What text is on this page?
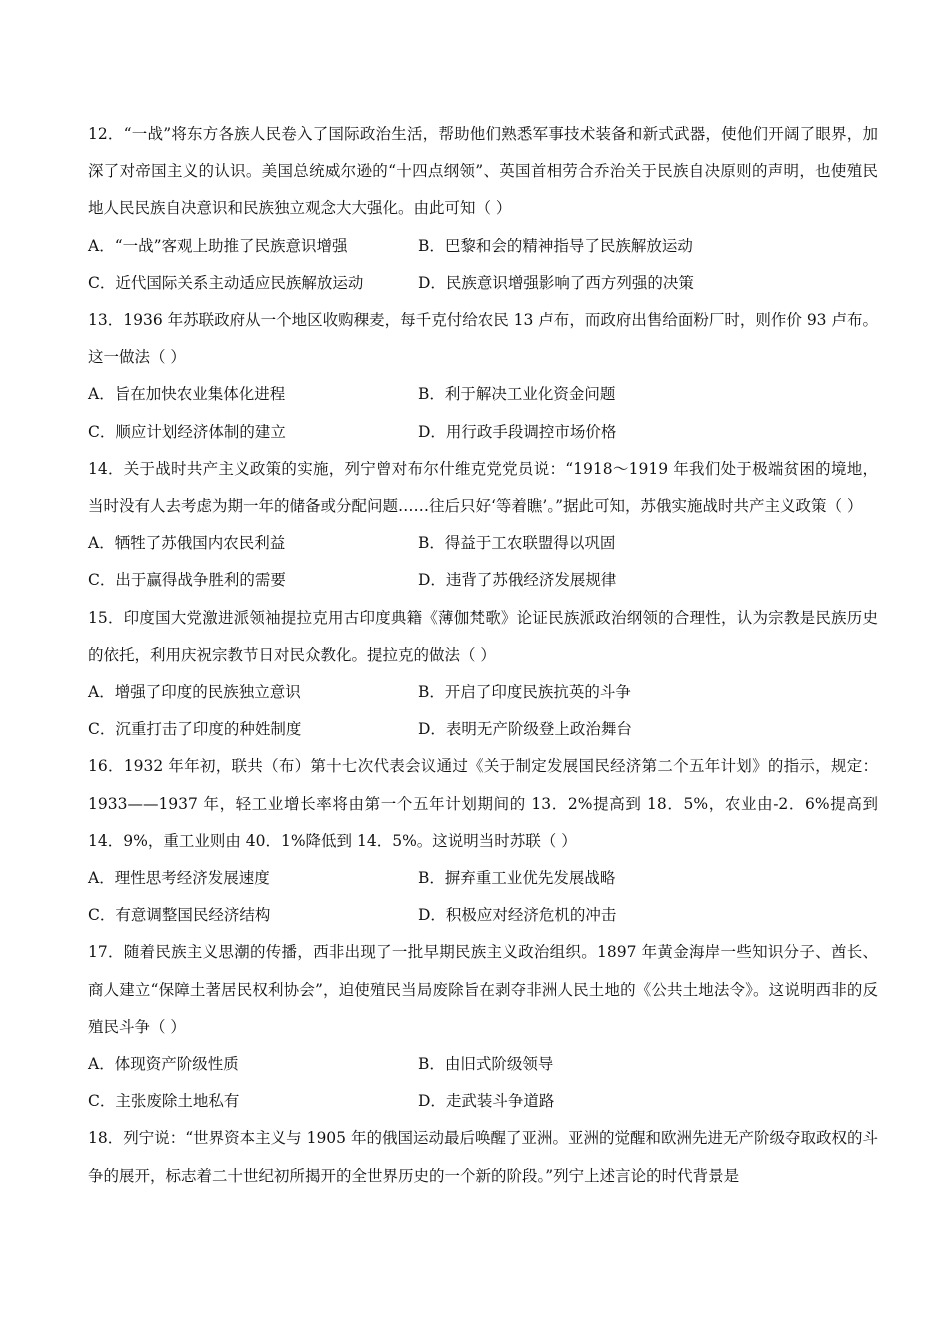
12．“一战”将东方各族人民卷入了国际政治生活，帮助他们熟悉军事技术装备和新式武器，使他们开阔了眼界，加深了对帝国主义的认识。美国总统威尔逊的“十四点纲领”、英国首相劳合乔治关于民族自决原则的声明，也使殖民地人民民族自决意识和民族独立观念大大强化。由此可知（ ）

A．“一战”客观上助推了民族意识增强	B．巴黎和会的精神指导了民族解放运动
C．近代国际关系主动适应民族解放运动	D．民族意识增强影响了西方列强的决策

13．1936 年苏联政府从一个地区收购稞麦，每千克付给农民 13 卢布，而政府出售给面粉厂时，则作价 93 卢布。这一做法（ ）

A．旨在加快农业集体化进程	B．利于解决工业化资金问题
C．顺应计划经济体制的建立	D．用行政手段调控市场价格

14．关于战时共产主义政策的实施，列宁曾对布尔什维克党党员说：“1918～1919 年我们处于极端贫困的境地，当时没有人去考虑为期一年的储备或分配问题……往后只好‘等着瞧’。”据此可知，苏俄实施战时共产主义政策（ ）

A．牺牲了苏俄国内农民利益	B．得益于工农联盟得以巩固
C．出于赢得战争胜利的需要	D．违背了苏俄经济发展规律

15．印度国大党激进派领袖提拉克用古印度典籍《薄伽梵歌》论证民族派政治纲领的合理性，认为宗教是民族历史的依托，利用庆祝宗教节日对民众教化。提拉克的做法（ ）

A．增强了印度的民族独立意识	B．开启了印度民族抗英的斗争
C．沉重打击了印度的种姓制度	D．表明无产阶级登上政治舞台

16．1932 年年初，联共（布）第十七次代表会议通过《关于制定发展国民经济第二个五年计划》的指示，规定：1933——1937 年，轻工业增长率将由第一个五年计划期间的 13．2%提高到 18．5%，农业由-2．6%提高到 14．9%，重工业则由 40．1%降低到 14．5%。这说明当时苏联（ ）

A．理性思考经济发展速度	B．摒弃重工业优先发展战略
C．有意调整国民经济结构	D．积极应对经济危机的冲击

17．随着民族主义思潮的传播，西非出现了一批早期民族主义政治组织。1897 年黄金海岸一些知识分子、酋长、商人建立“保障土著居民权利协会”，迫使殖民当局废除旨在剥夺非洲人民土地的《公共土地法令》。这说明西非的反殖民斗争（ ）

A．体现资产阶级性质	B．由旧式阶级领导
C．主张废除土地私有	D．走武装斗争道路

18．列宁说：“世界资本主义与 1905 年的俄国运动最后唤醒了亚洲。亚洲的觉醒和欧洲先进无产阶级夺取政权的斗争的展开，标志着二十世纪初所揭开的全世界历史的一个新的阶段。”列宁上述言论的时代背景是
